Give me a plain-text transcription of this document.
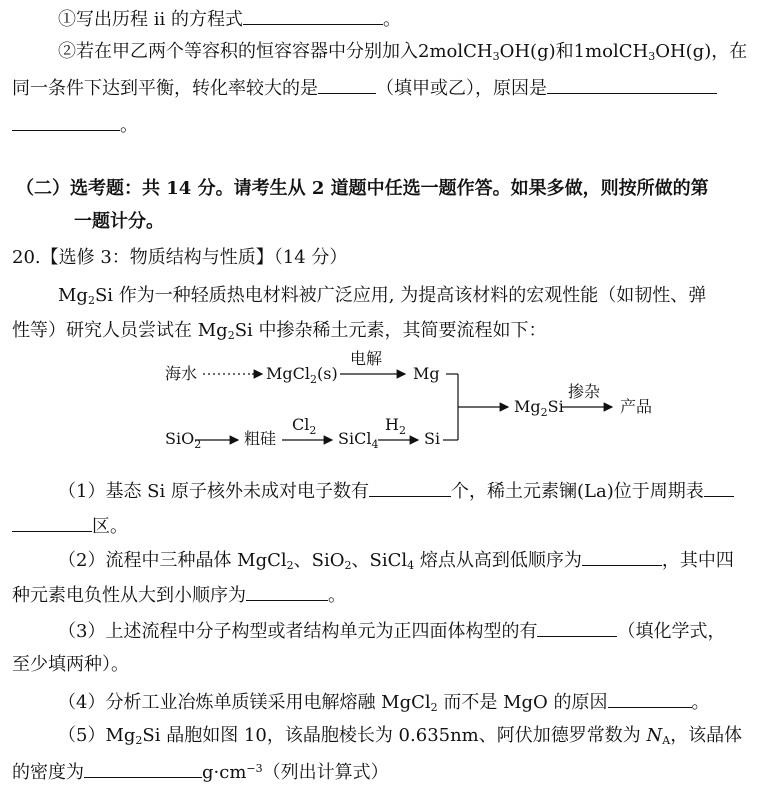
①写出历程 ii 的方程式	。
②若在甲乙两个等容积的恒容容器中分别加入2molCH$_3$OH(g)和1molCH$_3$OH(g)，在
同一条件下达到平衡，转化率较大的是	（填甲或乙），原因是
。
（二）选考题：共 14 分。请考生从 2 道题中任选一题作答。如果多做，则按所做的第
一题计分。
20.【选修 3：物质结构与性质】（14 分）
$Mg_2Si$ 作为一种轻质热电材料被广泛应用, 为提高该材料的宏观性能（如韧性、弹
性等）研究人员尝试在 $Mg_2Si$ 中掺杂稀土元素，其简要流程如下：
海水	MgCl$_2$(s)
电解
Mg
SiO$_2$	粗硅
$Cl_2$ SiCl$_4$
$H_2$ Si
$Mg_2Si$
掺杂
产品
（1）基态 Si 原子核外未成对电子数有	个，稀土元素镧(La)位于周期表
区。
（2）流程中三种晶体 MgCl$_2$、SiO$_2$、SiCl$_4$ 熔点从高到低顺序为	，其中四
种元素电负性从大到小顺序为	。
（3）上述流程中分子构型或者结构单元为正四面体构型的有	（填化学式，
至少填两种）。
（4）分析工业冶炼单质镁采用电解熔融 MgCl$_2$ 而不是 MgO 的原因	。
$(5)Mg_2Si$ 晶胞如图 10，该晶胞棱长为 0.635nm、阿伏加德罗常数为 $N_A$，该晶体
的密度为	$g\cdot cm^{-3}$（列出计算式）
